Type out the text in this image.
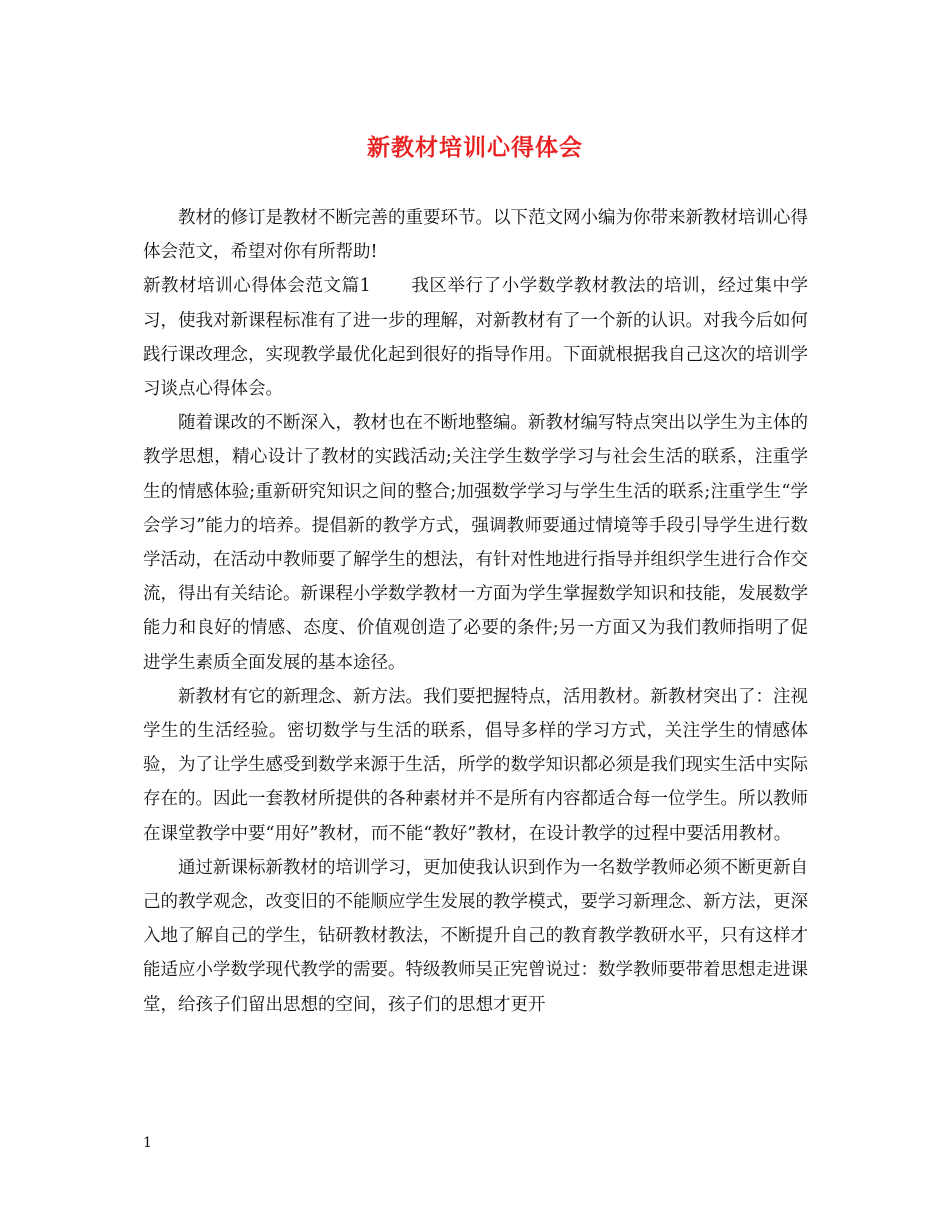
新教材培训心得体会

教材的修订是教材不断完善的重要环节。以下范文网小编为你带来新教材培训心得体会范文，希望对你有所帮助!

新教材培训心得体会范文篇1 我区举行了小学数学教材教法的培训，经过集中学习，使我对新课程标准有了进一步的理解，对新教材有了一个新的认识。对我今后如何践行课改理念，实现教学最优化起到很好的指导作用。下面就根据我自己这次的培训学习谈点心得体会。

随着课改的不断深入，教材也在不断地整编。新教材编写特点突出以学生为主体的教学思想，精心设计了教材的实践活动;关注学生数学学习与社会生活的联系，注重学生的情感体验;重新研究知识之间的整合;加强数学学习与学生生活的联系;注重学生“学会学习”能力的培养。提倡新的教学方式，强调教师要通过情境等手段引导学生进行数学活动，在活动中教师要了解学生的想法，有针对性地进行指导并组织学生进行合作交流，得出有关结论。新课程小学数学教材一方面为学生掌握数学知识和技能，发展数学能力和良好的情感、态度、价值观创造了必要的条件;另一方面又为我们教师指明了促进学生素质全面发展的基本途径。

新教材有它的新理念、新方法。我们要把握特点，活用教材。新教材突出了：注视学生的生活经验。密切数学与生活的联系，倡导多样的学习方式，关注学生的情感体验，为了让学生感受到数学来源于生活，所学的数学知识都必须是我们现实生活中实际存在的。因此一套教材所提供的各种素材并不是所有内容都适合每一位学生。所以教师在课堂教学中要“用好”教材，而不能“教好”教材，在设计教学的过程中要活用教材。

通过新课标新教材的培训学习，更加使我认识到作为一名数学教师必须不断更新自己的教学观念，改变旧的不能顺应学生发展的教学模式，要学习新理念、新方法，更深入地了解自己的学生，钻研教材教法，不断提升自己的教育教学教研水平，只有这样才能适应小学数学现代教学的需要。特级教师吴正宪曾说过：数学教师要带着思想走进课堂，给孩子们留出思想的空间，孩子们的思想才更开

1
